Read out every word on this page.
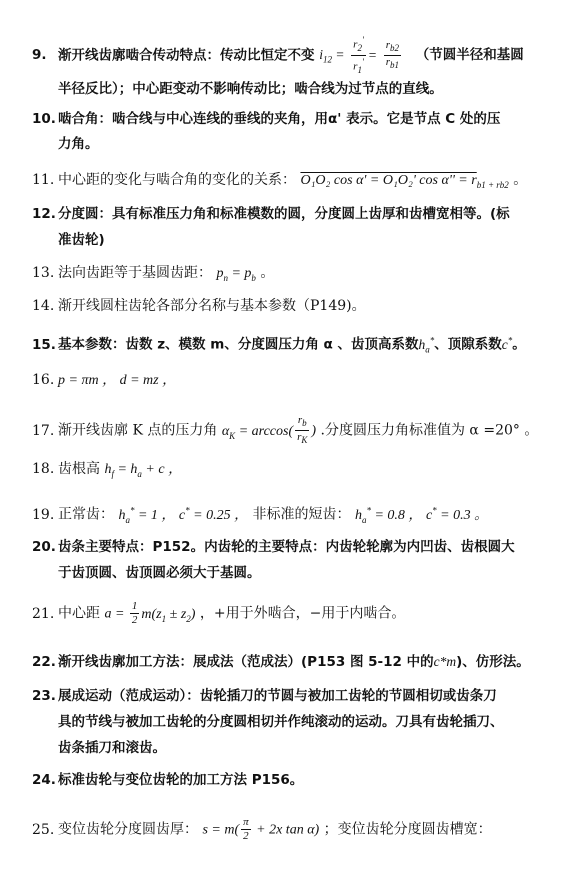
9. 渐开线齿廓啮合传动特点：传动比恒定不变 $i_{12} = \frac{r_2'}{r_1'} = \frac{r_{b2}}{r_{b1}}$ （节圆半径和基圆
半径反比）；中心距变动不影响传动比；啮合线为过节点的直线。
10. 啮合角：啮合线与中心连线的垂线的夹角，用α' 表示。它是节点 C 处的压
力角。
11. 中心距的变化与啮合角的变化的关系： O₁O₂ cos α' = O₁O₂' $\cos \alpha'' = r_{b1 + rb2}$ 。
12. 分度圆：具有标准压力角和标准模数的圆，分度圆上齿厚和齿槽宽相等。(标
准齿轮)
13. 法向齿距等于基圆齿距： $p_n = p_b$ 。
14. 渐开线圆柱齿轮各部分名称与基本参数（P149)。
15. 基本参数：齿数 z、模数 m、分度圆压力角 α 、齿顶高系数$h_a^*$、顶隙系数c*。
16. p = πm ， d = mz ，
17. 渐开线齿廓 K 点的压力角 $\alpha_K = \arccos( \frac{r_b}{r_K}$ ) .分度圆压力角标准值为 α =20° 。
18. 齿根高 $h_f = h_a + c$ ，
19. 正常齿： $h_a^* = 1$ ， c* = 0.25 ， 非标准的短齿： $h_a^* = 0.8$ ， c* = 0.3 。
20. 齿条主要特点：P152。内齿轮的主要特点：内齿轮轮廓为内凹齿、齿根圆大
于齿顶圆、齿顶圆必须大于基圆。
21. 中心距 $a = \frac{1}{2} m(z_1 \pm z_2)$ ，+用于外啮合，−用于内啮合。
22. 渐开线齿廓加工方法：展成法（范成法）(P153 图 5-12 中的c*m)、仿形法。
23. 展成运动（范成运动）：齿轮插刀的节圆与被加工齿轮的节圆相切或齿条刀
具的节线与被加工齿轮的分度圆相切并作纯滚动的运动。刀具有齿轮插刀、
齿条插刀和滚齿。
24. 标准齿轮与变位齿轮的加工方法 P156。
25. 变位齿轮分度圆齿厚： $s = m( \frac{\pi}{2} + 2x$ tan α) ；变位齿轮分度圆齿槽宽：
